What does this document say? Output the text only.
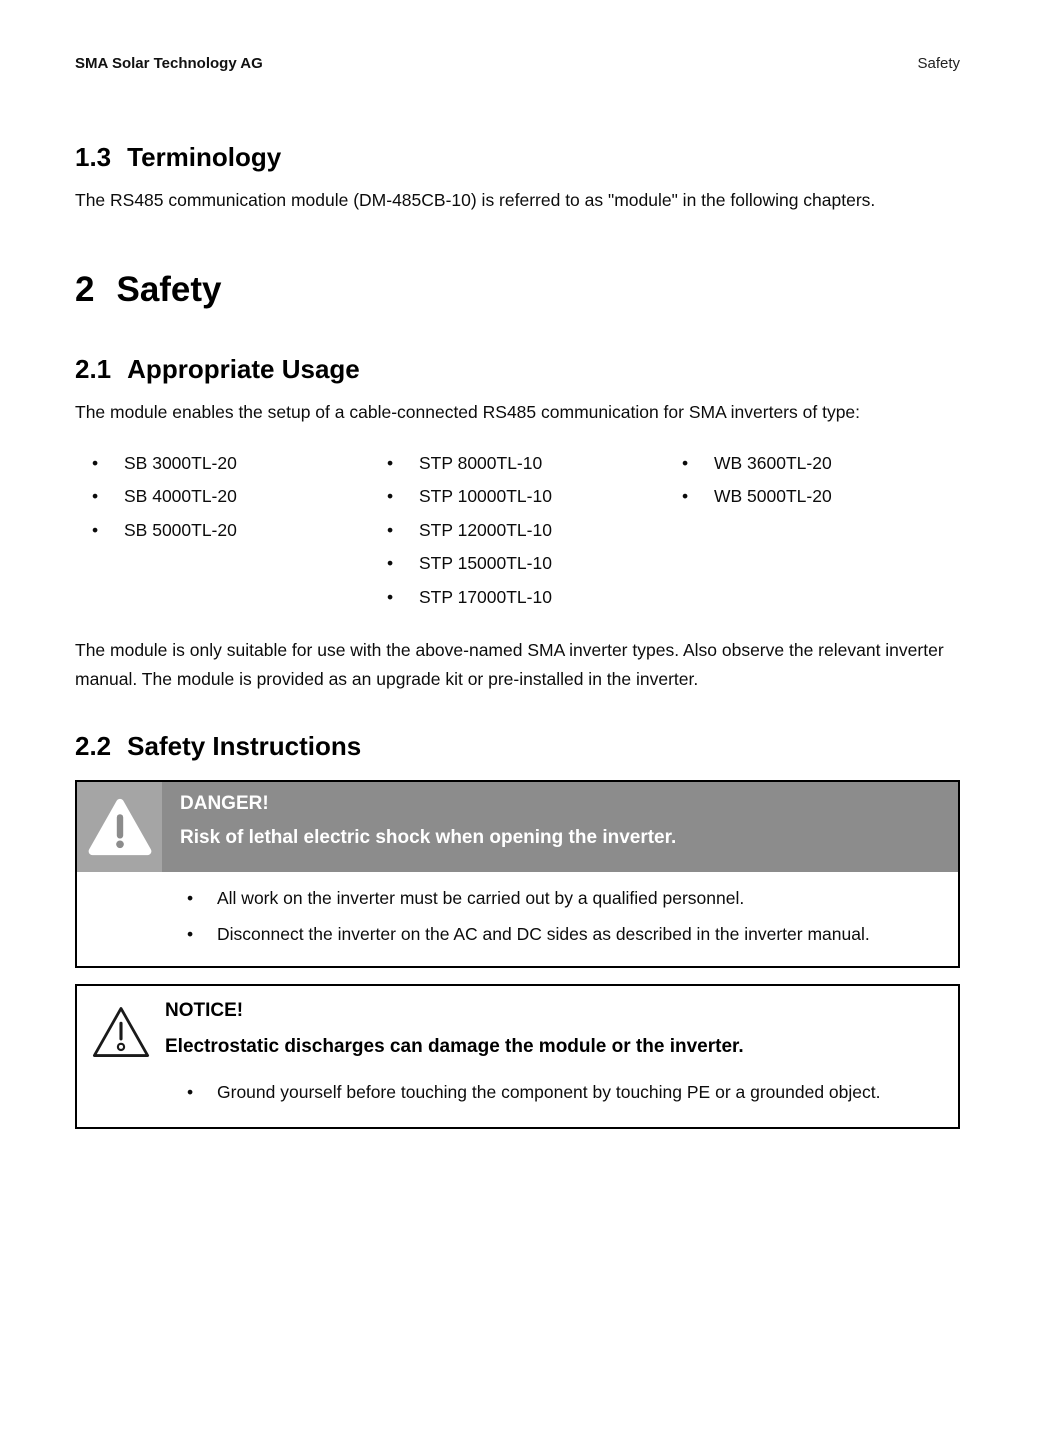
SMA Solar Technology AG	Safety
1.3 Terminology

The RS485 communication module (DM-485CB-10) is referred to as "module" in the following chapters.

2 Safety
2.1 Appropriate Usage

The module enables the setup of a cable-connected RS485 communication for SMA inverters of type:

• SB 3000TL-20
• SB 4000TL-20
• SB 5000TL-20
• STP 8000TL-10
• STP 10000TL-10
• STP 12000TL-10
• STP 15000TL-10
• STP 17000TL-10
• WB 3600TL-20
• WB 5000TL-20

The module is only suitable for use with the above-named SMA inverter types. Also observe the relevant inverter manual. The module is provided as an upgrade kit or pre-installed in the inverter.

2.2 Safety Instructions
DANGER!
Risk of lethal electric shock when opening the inverter.
• All work on the inverter must be carried out by a qualified personnel.
• Disconnect the inverter on the AC and DC sides as described in the inverter manual.
NOTICE!
Electrostatic discharges can damage the module or the inverter.
• Ground yourself before touching the component by touching PE or a grounded object.
